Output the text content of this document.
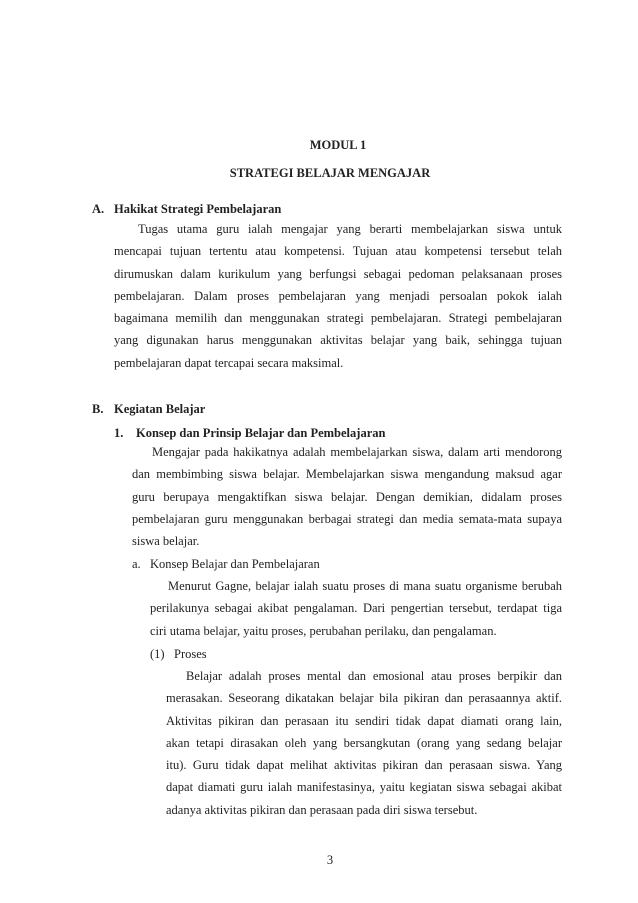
MODUL 1
STRATEGI BELAJAR MENGAJAR
A. Hakikat Strategi Pembelajaran
Tugas utama guru ialah mengajar yang berarti membelajarkan siswa untuk
mencapai tujuan tertentu atau kompetensi. Tujuan atau kompetensi tersebut telah
dirumuskan dalam kurikulum yang berfungsi sebagai pedoman pelaksanaan proses
pembelajaran. Dalam proses pembelajaran yang menjadi persoalan pokok ialah
bagaimana memilih dan menggunakan strategi pembelajaran. Strategi pembelajaran
yang digunakan harus menggunakan aktivitas belajar yang baik, sehingga tujuan
pembelajaran dapat tercapai secara maksimal.
B. Kegiatan Belajar
1. Konsep dan Prinsip Belajar dan Pembelajaran
Mengajar pada hakikatnya adalah membelajarkan siswa, dalam arti mendorong
dan membimbing siswa belajar. Membelajarkan siswa mengandung maksud agar
guru berupaya mengaktifkan siswa belajar. Dengan demikian, didalam proses
pembelajaran guru menggunakan berbagai strategi dan media semata-mata supaya
siswa belajar.
a. Konsep Belajar dan Pembelajaran
Menurut Gagne, belajar ialah suatu proses di mana suatu organisme berubah
perilakunya sebagai akibat pengalaman. Dari pengertian tersebut, terdapat tiga
ciri utama belajar, yaitu proses, perubahan perilaku, dan pengalaman.
(1) Proses
Belajar adalah proses mental dan emosional atau proses berpikir dan
merasakan. Seseorang dikatakan belajar bila pikiran dan perasaannya aktif.
Aktivitas pikiran dan perasaan itu sendiri tidak dapat diamati orang lain,
akan tetapi dirasakan oleh yang bersangkutan (orang yang sedang belajar
itu). Guru tidak dapat melihat aktivitas pikiran dan perasaan siswa. Yang
dapat diamati guru ialah manifestasinya, yaitu kegiatan siswa sebagai akibat
adanya aktivitas pikiran dan perasaan pada diri siswa tersebut.
3
